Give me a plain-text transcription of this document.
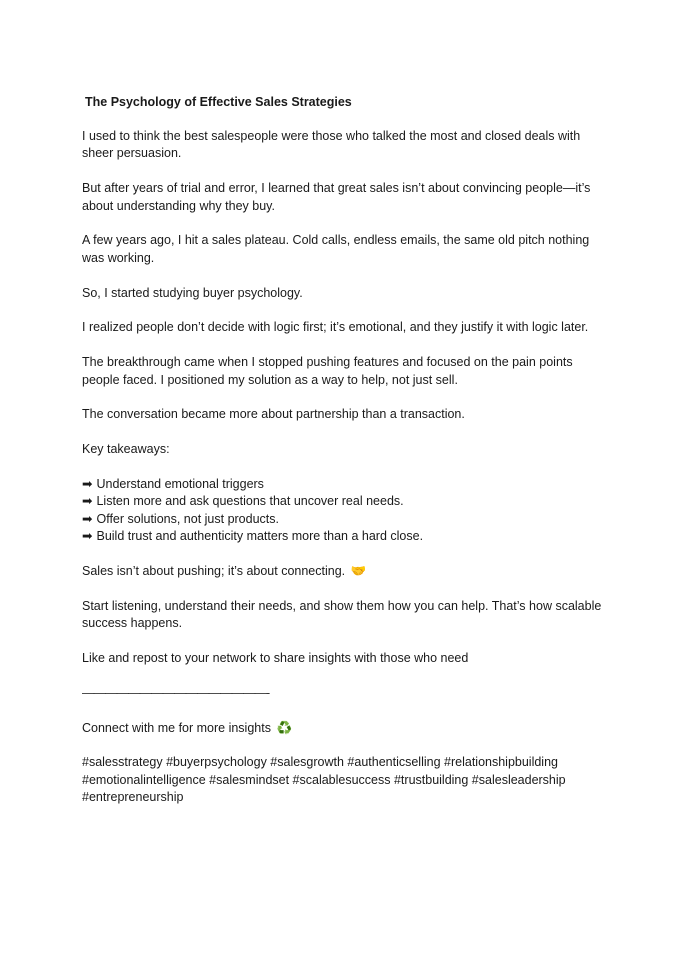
The Psychology of Effective Sales Strategies

I used to think the best salespeople were those who talked the most and closed deals with sheer persuasion.

But after years of trial and error, I learned that great sales isn’t about convincing people—it’s about understanding why they buy.

A few years ago, I hit a sales plateau. Cold calls, endless emails, the same old pitch nothing was working.

So, I started studying buyer psychology.

I realized people don’t decide with logic first; it’s emotional, and they justify it with logic later.

The breakthrough came when I stopped pushing features and focused on the pain points people faced. I positioned my solution as a way to help, not just sell.

The conversation became more about partnership than a transaction.

Key takeaways:

➡ Understand emotional triggers
➡ Listen more and ask questions that uncover real needs.
➡ Offer solutions, not just products.
➡ Build trust and authenticity matters more than a hard close.

Sales isn’t about pushing; it’s about connecting. 🤝

Start listening, understand their needs, and show them how you can help. That’s how scalable success happens.

Like and repost to your network to share insights with those who need

————————————————-

Connect with me for more insights ♻️

#salesstrategy #buyerpsychology #salesgrowth #authenticselling #relationshipbuilding #emotionalintelligence #salesmindset #scalablesuccess #trustbuilding #salesleadership #entrepreneurship
